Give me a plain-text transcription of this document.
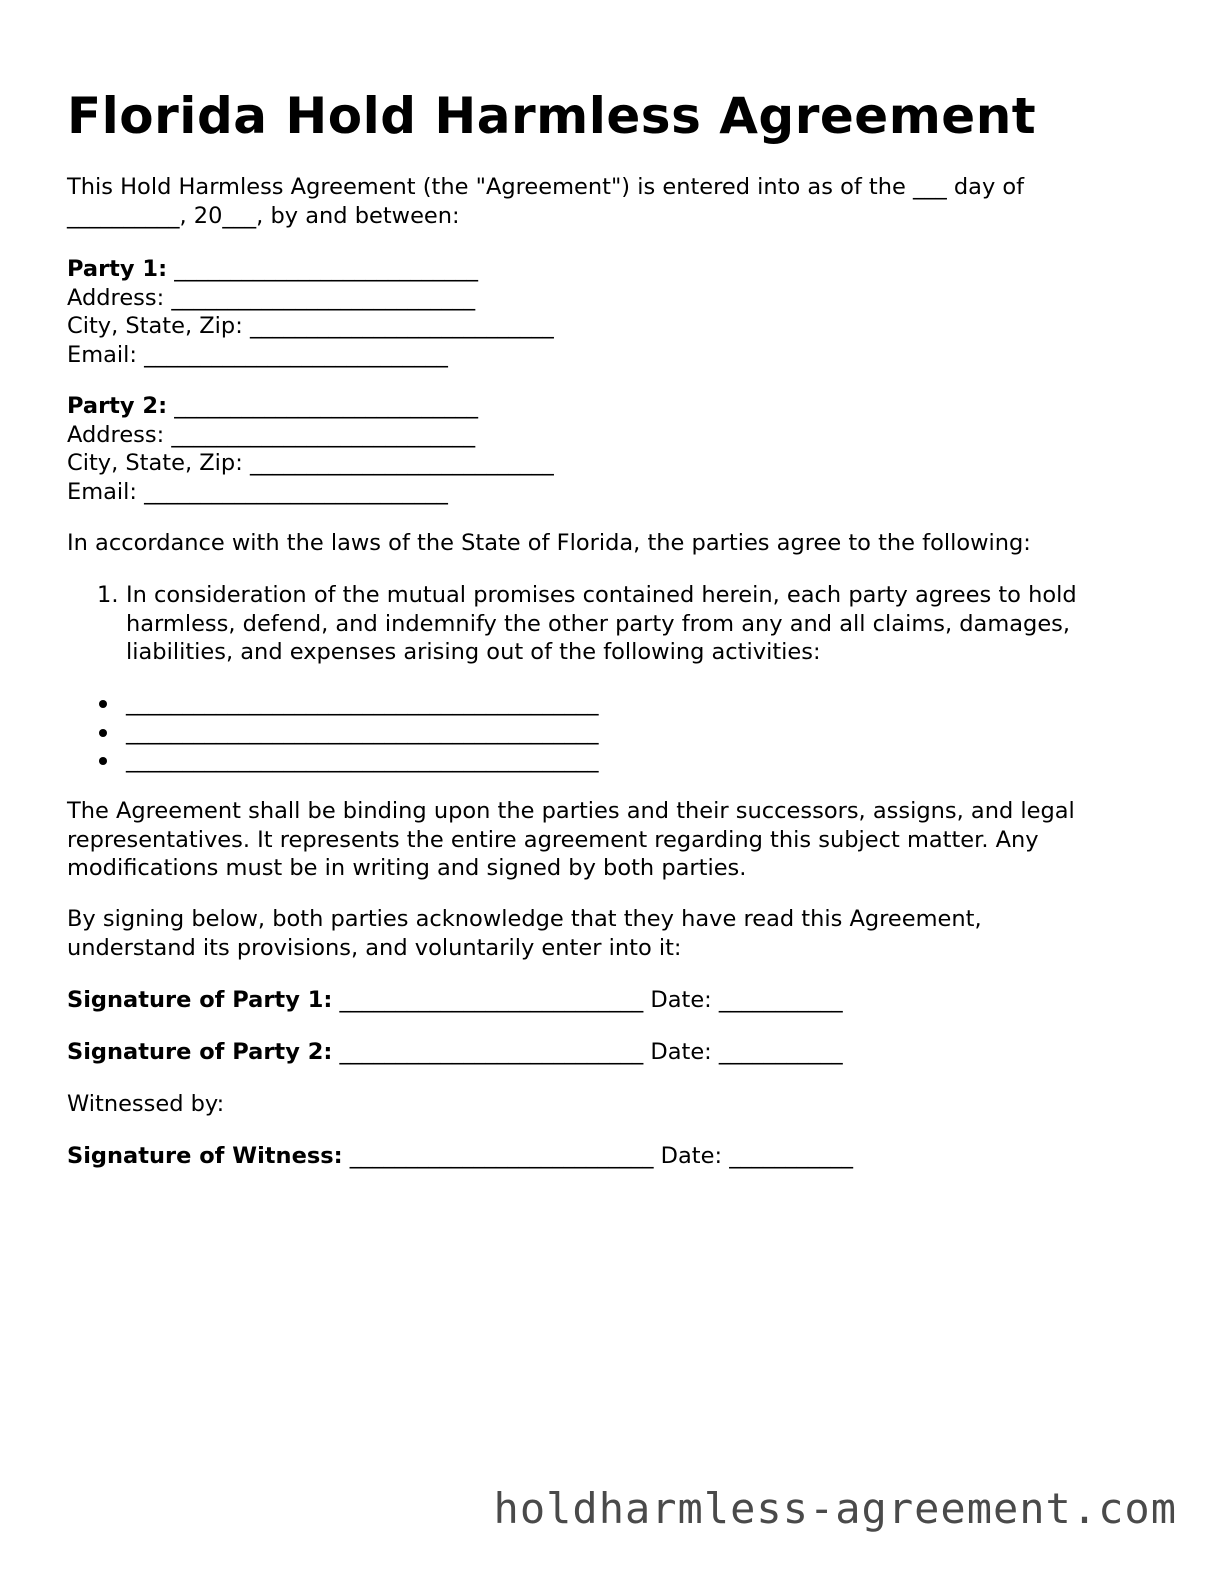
Florida Hold Harmless Agreement
This Hold Harmless Agreement (the "Agreement") is entered into as of the ___ day of
__________, 20___, by and between:
Party 1: ___________________________
Address: ___________________________
City, State, Zip: ___________________________
Email: ___________________________
Party 2: ___________________________
Address: ___________________________
City, State, Zip: ___________________________
Email: ___________________________
In accordance with the laws of the State of Florida, the parties agree to the following:
1. In consideration of the mutual promises contained herein, each party agrees to hold
harmless, defend, and indemnify the other party from any and all claims, damages,
liabilities, and expenses arising out of the following activities:
__________________________________________
__________________________________________
__________________________________________
The Agreement shall be binding upon the parties and their successors, assigns, and legal
representatives. It represents the entire agreement regarding this subject matter. Any
modifications must be in writing and signed by both parties.
By signing below, both parties acknowledge that they have read this Agreement,
understand its provisions, and voluntarily enter into it:
Signature of Party 1: ___________________________ Date: ___________
Signature of Party 2: ___________________________ Date: ___________
Witnessed by:
Signature of Witness: ___________________________ Date: ___________
holdharmless-agreement.com
